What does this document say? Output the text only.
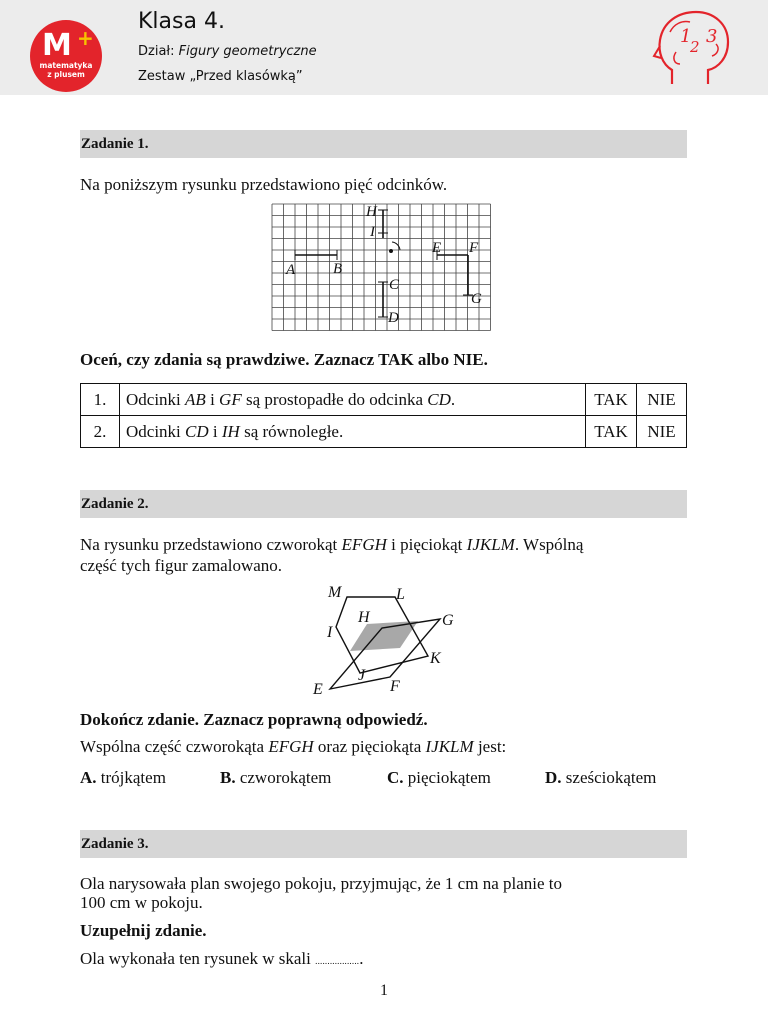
M +
matematyka
z plusem
Klasa 4.
Dział: Figury geometryczne
Zestaw „Przed klasówką”
1
2 3
Zadanie 1.
Na poniższym rysunku przedstawiono pięć odcinków.
H
I
E F
A	B
C
G
D
Oceń, czy zdania są prawdziwe. Zaznacz TAK albo NIE.
1.	Odcinki AB i GF są prostopadłe do odcinka CD.	TAK	NIE
2.	Odcinki CD i IH są równoległe.	TAK	NIE
Zadanie 2.
Na rysunku przedstawiono czworokąt EFGH i pięciokąt IJKLM. Wspólną
część tych figur zamalowano.
M	L
H	G
I
K
J
E	F
Dokończ zdanie. Zaznacz poprawną odpowiedź.
Wspólna część czworokąta EFGH oraz pięciokąta IJKLM jest:
A. trójkątem	B. czworokątem	C. pięciokątem	D. sześciokątem
Zadanie 3.
Ola narysowała plan swojego pokoju, przyjmując, że 1 cm na planie to
100 cm w pokoju.
Uzupełnij zdanie.
Ola wykonała ten rysunek w skali ...................
1
